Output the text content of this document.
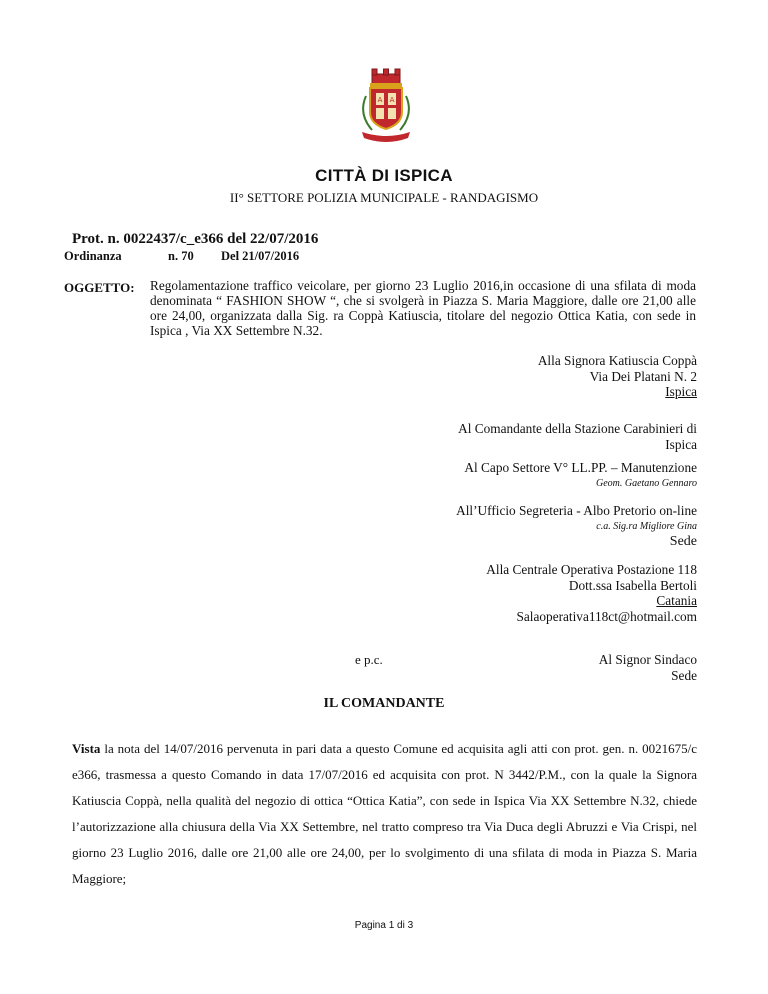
A A
CITTÀ DI ISPICA
II° SETTORE POLIZIA MUNICIPALE - RANDAGISMO
Prot. n. 0022437/c_e366 del 22/07/2016
Ordinanza	n. 70 Del 21/07/2016
OGGETTO: Regolamentazione traffico veicolare, per giorno 23 Luglio 2016,in occasione di una sfilata di moda denominata “ FASHION SHOW “, che si svolgerà in Piazza S. Maria Maggiore, dalle ore 21,00 alle ore 24,00, organizzata dalla Sig. ra Coppà Katiuscia, titolare del negozio Ottica Katia, con sede in Ispica , Via XX Settembre N.32.
Alla Signora Katiuscia Coppà
Via Dei Platani N. 2
Ispica
Al Comandante della Stazione Carabinieri di
Ispica
Al Capo Settore V° LL.PP. – Manutenzione
Geom. Gaetano Gennaro
All’Ufficio Segreteria - Albo Pretorio on-line
c.a. Sig.ra Migliore Gina
Sede
Alla Centrale Operativa Postazione 118
Dott.ssa Isabella Bertoli
Catania
Salaoperativa118ct@hotmail.com
e p.c.	Al Signor Sindaco
Sede
IL COMANDANTE
Vista la nota del 14/07/2016 pervenuta in pari data a questo Comune ed acquisita agli atti con prot. gen. n. 0021675/c e366, trasmessa a questo Comando in data 17/07/2016 ed acquisita con prot. N 3442/P.M., con la quale la Signora Katiuscia Coppà, nella qualità del negozio di ottica “Ottica Katia”, con sede in Ispica Via XX Settembre N.32, chiede l’autorizzazione alla chiusura della Via XX Settembre, nel tratto compreso tra Via Duca degli Abruzzi e Via Crispi, nel giorno 23 Luglio 2016, dalle ore 21,00 alle ore 24,00, per lo svolgimento di una sfilata di moda in Piazza S. Maria Maggiore;
Pagina 1 di 3
